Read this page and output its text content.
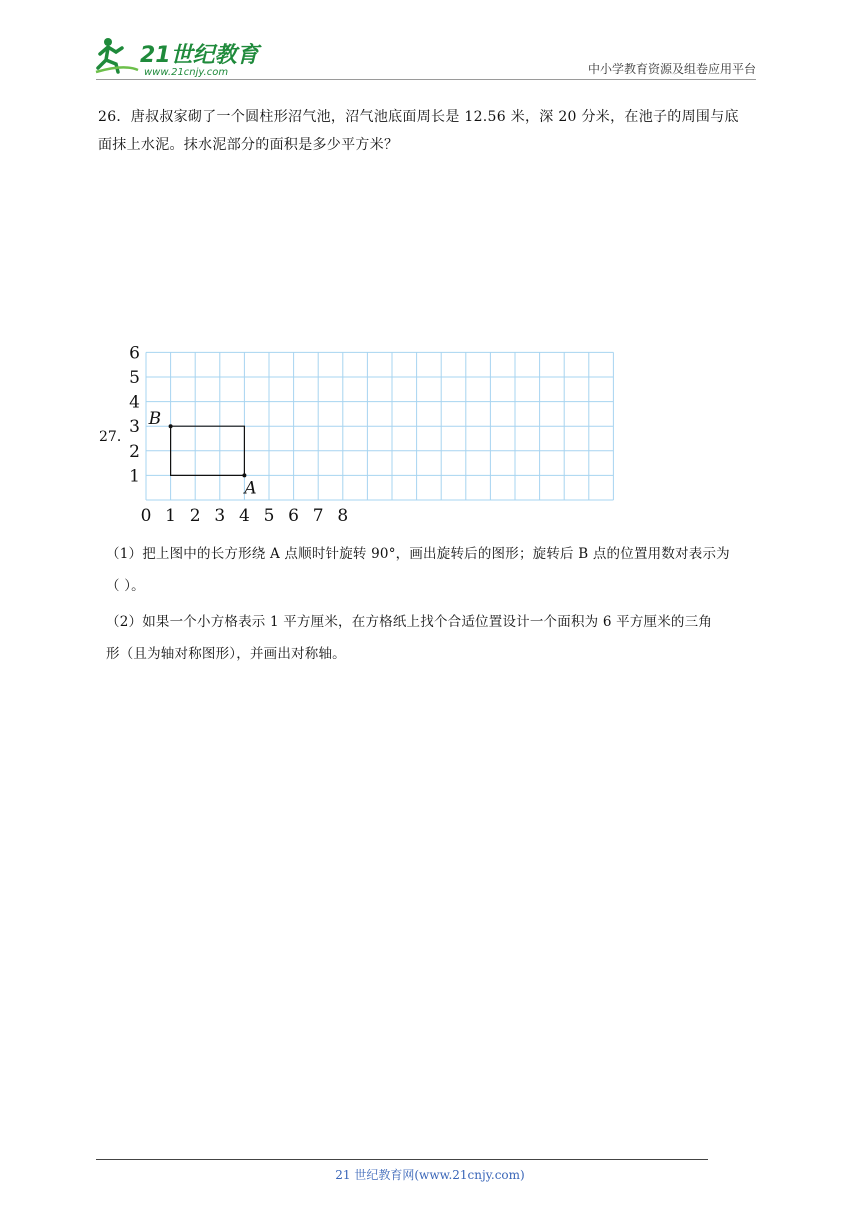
21世纪教育
www.21cnjy.com	中小学教育资源及组卷应用平台

26．唐叔叔家砌了一个圆柱形沼气池，沼气池底面周长是 12.56 米，深 20 分米，在池子的周围与底

面抹上水泥。抹水泥部分的面积是多少平方米？

27．
0 1 2 3 4 5 6 7 8
1
2
3
4
5
6
A
B

（1）把上图中的长方形绕 A 点顺时针旋转 90°，画出旋转后的图形；旋转后 B 点的位置用数对表示为

（ ）。

（2）如果一个小方格表示 1 平方厘米，在方格纸上找个合适位置设计一个面积为 6 平方厘米的三角

形（且为轴对称图形），并画出对称轴。

21 世纪教育网(www.21cnjy.com)
